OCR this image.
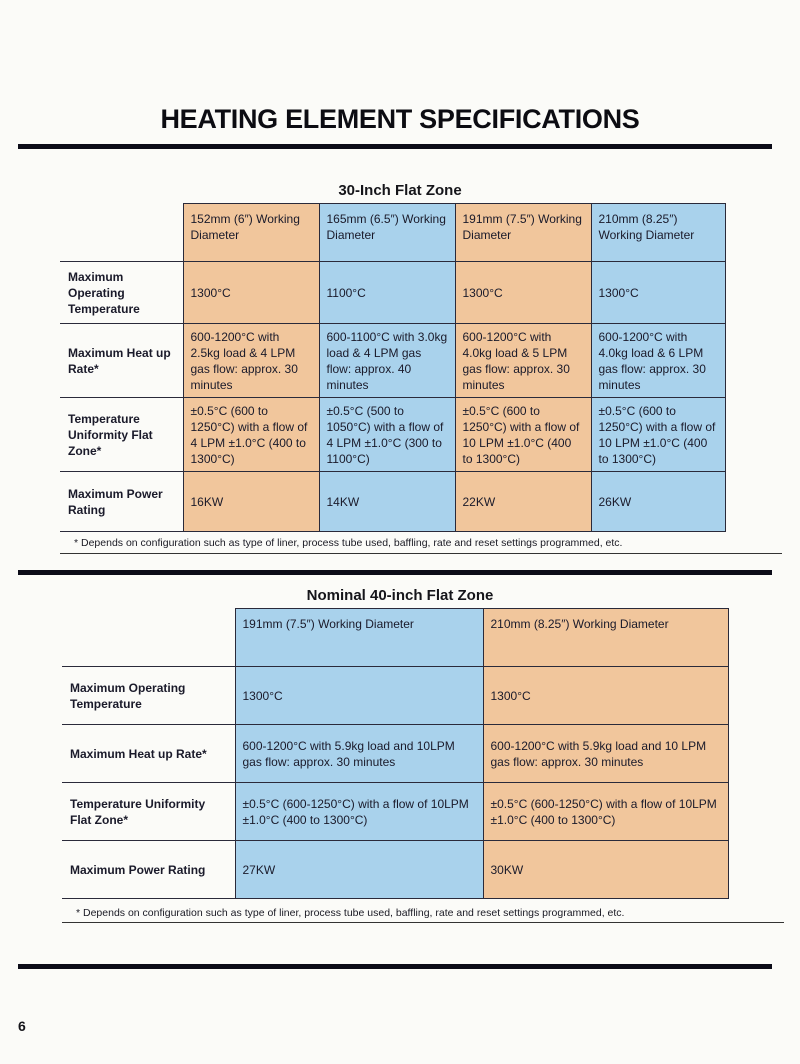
HEATING ELEMENT SPECIFICATIONS
30-Inch Flat Zone
	152mm (6″) Working Diameter	165mm (6.5″) Working Diameter	191mm (7.5″) Working Diameter	210mm (8.25″) Working Diameter
Maximum Operating Temperature	1300°C	1100°C	1300°C	1300°C
Maximum Heat up Rate*	600-1200°C with 2.5kg load & 4 LPM gas flow: approx. 30 minutes	600-1100°C with 3.0kg load & 4 LPM gas flow: approx. 40 minutes	600-1200°C with 4.0kg load & 5 LPM gas flow: approx. 30 minutes	600-1200°C with 4.0kg load & 6 LPM gas flow: approx. 30 minutes
Temperature Uniformity Flat Zone*	±0.5°C (600 to 1250°C) with a flow of 4 LPM ±1.0°C (400 to 1300°C)	±0.5°C (500 to 1050°C) with a flow of 4 LPM ±1.0°C (300 to 1100°C)	±0.5°C (600 to 1250°C) with a flow of 10 LPM ±1.0°C (400 to 1300°C)	±0.5°C (600 to 1250°C) with a flow of 10 LPM ±1.0°C (400 to 1300°C)
Maximum Power Rating	16KW	14KW	22KW	26KW
* Depends on configuration such as type of liner, process tube used, baffling, rate and reset settings programmed, etc.
Nominal 40-inch Flat Zone
	191mm (7.5″) Working Diameter	210mm (8.25″) Working Diameter
Maximum Operating Temperature	1300°C	1300°C
Maximum Heat up Rate*	600-1200°C with 5.9kg load and 10LPM gas flow: approx. 30 minutes	600-1200°C with 5.9kg load and 10 LPM gas flow: approx. 30 minutes
Temperature Uniformity Flat Zone*	±0.5°C (600-1250°C) with a flow of 10LPM ±1.0°C (400 to 1300°C)	±0.5°C (600-1250°C) with a flow of 10LPM ±1.0°C (400 to 1300°C)
Maximum Power Rating	27KW	30KW
* Depends on configuration such as type of liner, process tube used, baffling, rate and reset settings programmed, etc.
6
